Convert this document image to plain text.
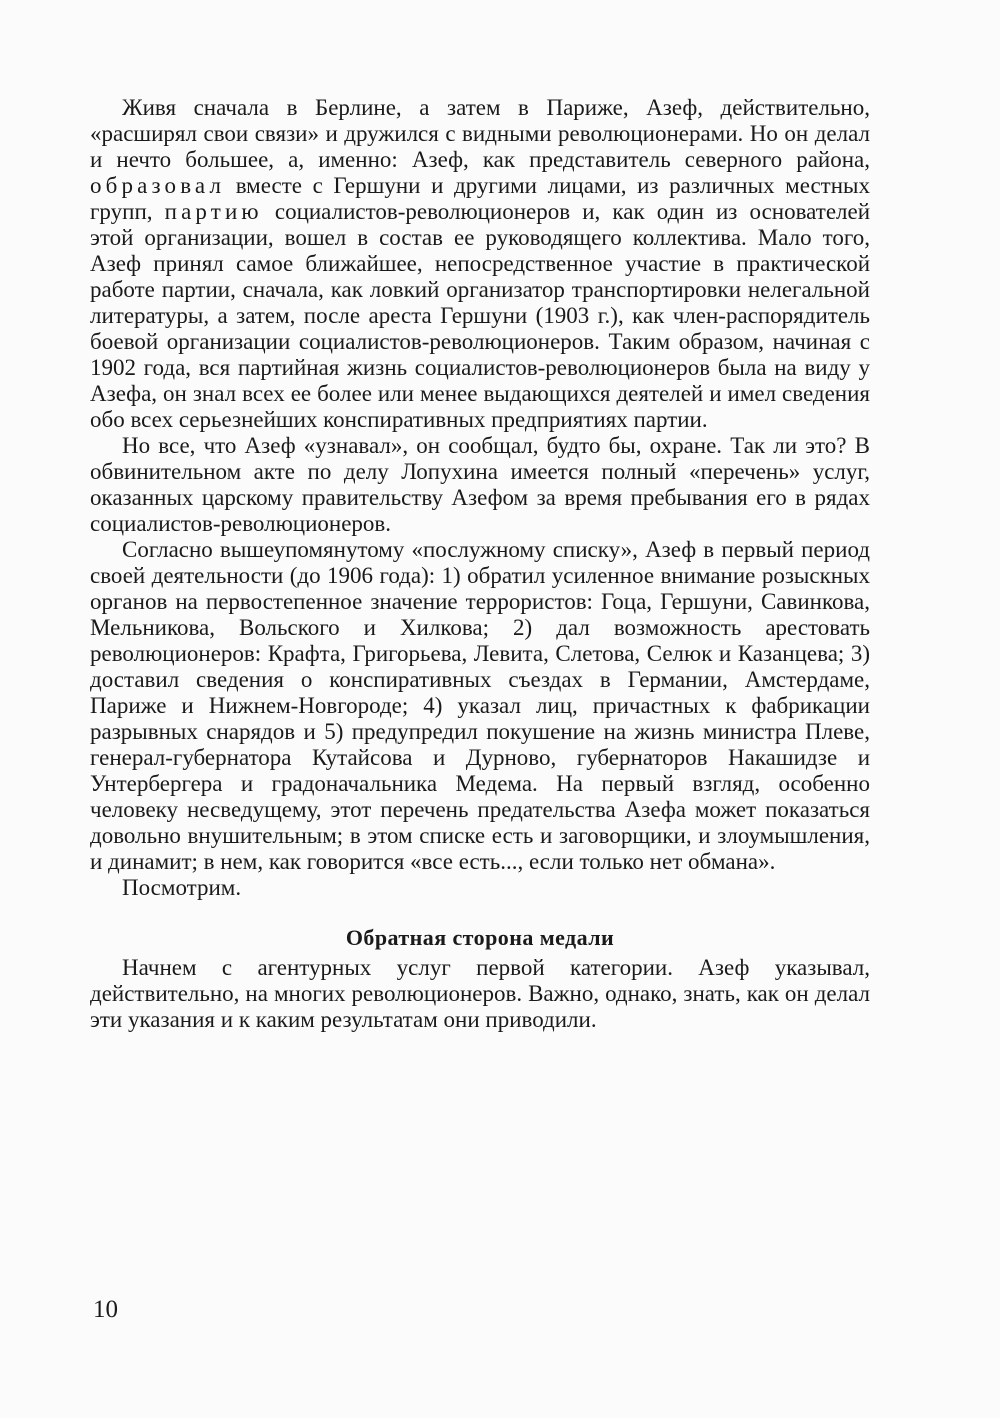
Живя сначала в Берлине, а затем в Париже, Азеф, действительно, «расширял свои связи» и дружился с видными революционерами. Но он делал и нечто большее, а, именно: Азеф, как представитель северного района, образовал вместе с Гершуни и другими лицами, из различных местных групп, партию социалистов-революционеров и, как один из основателей этой организации, вошел в состав ее руководящего коллектива. Мало того, Азеф принял самое ближайшее, непосредственное участие в практической работе партии, сначала, как ловкий организатор транспортировки нелегальной литературы, а затем, после ареста Гершуни (1903 г.), как член-распорядитель боевой организации социалистов-революционеров. Таким образом, начиная с 1902 года, вся партийная жизнь социалистов-революционеров была на виду у Азефа, он знал всех ее более или менее выдающихся деятелей и имел сведения обо всех серьезнейших конспиративных предприятиях партии.

Но все, что Азеф «узнавал», он сообщал, будто бы, охране. Так ли это? В обвинительном акте по делу Лопухина имеется полный «перечень» услуг, оказанных царскому правительству Азефом за время пребывания его в рядах социалистов-революционеров.

Согласно вышеупомянутому «послужному списку», Азеф в первый период своей деятельности (до 1906 года): 1) обратил усиленное внимание розыскных органов на первостепенное значение террористов: Гоца, Гершуни, Савинкова, Мельникова, Вольского и Хилкова; 2) дал возможность арестовать революционеров: Крафта, Григорьева, Левита, Слетова, Селюк и Казанцева; 3) доставил сведения о конспиративных съездах в Германии, Амстердаме, Париже и Нижнем-Новгороде; 4) указал лиц, причастных к фабрикации разрывных снарядов и 5) предупредил покушение на жизнь министра Плеве, генерал-губернатора Кутайсова и Дурново, губернаторов Накашидзе и Унтербергера и градоначальника Медема. На первый взгляд, особенно человеку несведущему, этот перечень предательства Азефа может показаться довольно внушительным; в этом списке есть и заговорщики, и злоумышления, и динамит; в нем, как говорится «все есть..., если только нет обмана».

Посмотрим.

Обратная сторона медали

Начнем с агентурных услуг первой категории. Азеф указывал, действительно, на многих революционеров. Важно, однако, знать, как он делал эти указания и к каким результатам они приводили.

10
